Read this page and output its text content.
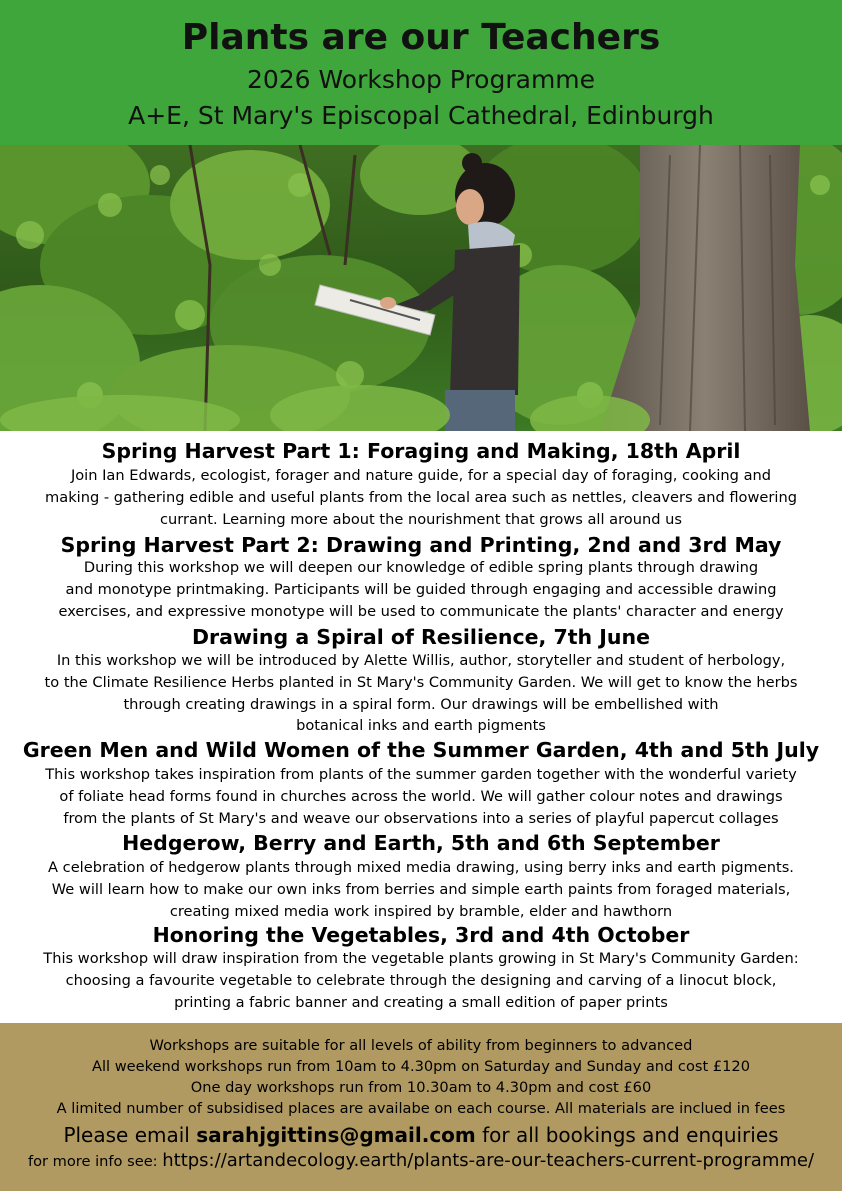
Plants are our Teachers
2026 Workshop Programme
A+E, St Mary's Episcopal Cathedral, Edinburgh
Spring Harvest Part 1: Foraging and Making, 18th April
Join Ian Edwards, ecologist, forager and nature guide, for a special day of foraging, cooking and
making - gathering edible and useful plants from the local area such as nettles, cleavers and flowering
currant. Learning more about the nourishment that grows all around us
Spring Harvest Part 2: Drawing and Printing, 2nd and 3rd May
During this workshop we will deepen our knowledge of edible spring plants through drawing
and monotype printmaking. Participants will be guided through engaging and accessible drawing
exercises, and expressive monotype will be used to communicate the plants' character and energy
Drawing a Spiral of Resilience, 7th June
In this workshop we will be introduced by Alette Willis, author, storyteller and student of herbology,
to the Climate Resilience Herbs planted in St Mary's Community Garden. We will get to know the herbs
through creating drawings in a spiral form. Our drawings will be embellished with
botanical inks and earth pigments
Green Men and Wild Women of the Summer Garden, 4th and 5th July
This workshop takes inspiration from plants of the summer garden together with the wonderful variety
of foliate head forms found in churches across the world. We will gather colour notes and drawings
from the plants of St Mary's and weave our observations into a series of playful papercut collages
Hedgerow, Berry and Earth, 5th and 6th September
A celebration of hedgerow plants through mixed media drawing, using berry inks and earth pigments.
We will learn how to make our own inks from berries and simple earth paints from foraged materials,
creating mixed media work inspired by bramble, elder and hawthorn
Honoring the Vegetables, 3rd and 4th October
This workshop will draw inspiration from the vegetable plants growing in St Mary's Community Garden:
choosing a favourite vegetable to celebrate through the designing and carving of a linocut block,
printing a fabric banner and creating a small edition of paper prints
Workshops are suitable for all levels of ability from beginners to advanced
All weekend workshops run from 10am to 4.30pm on Saturday and Sunday and cost £120
One day workshops run from 10.30am to 4.30pm and cost £60
A limited number of subsidised places are availabe on each course. All materials are inclued in fees
Please email sarahjgittins@gmail.com for all bookings and enquiries
for more info see: https://artandecology.earth/plants-are-our-teachers-current-programme/
